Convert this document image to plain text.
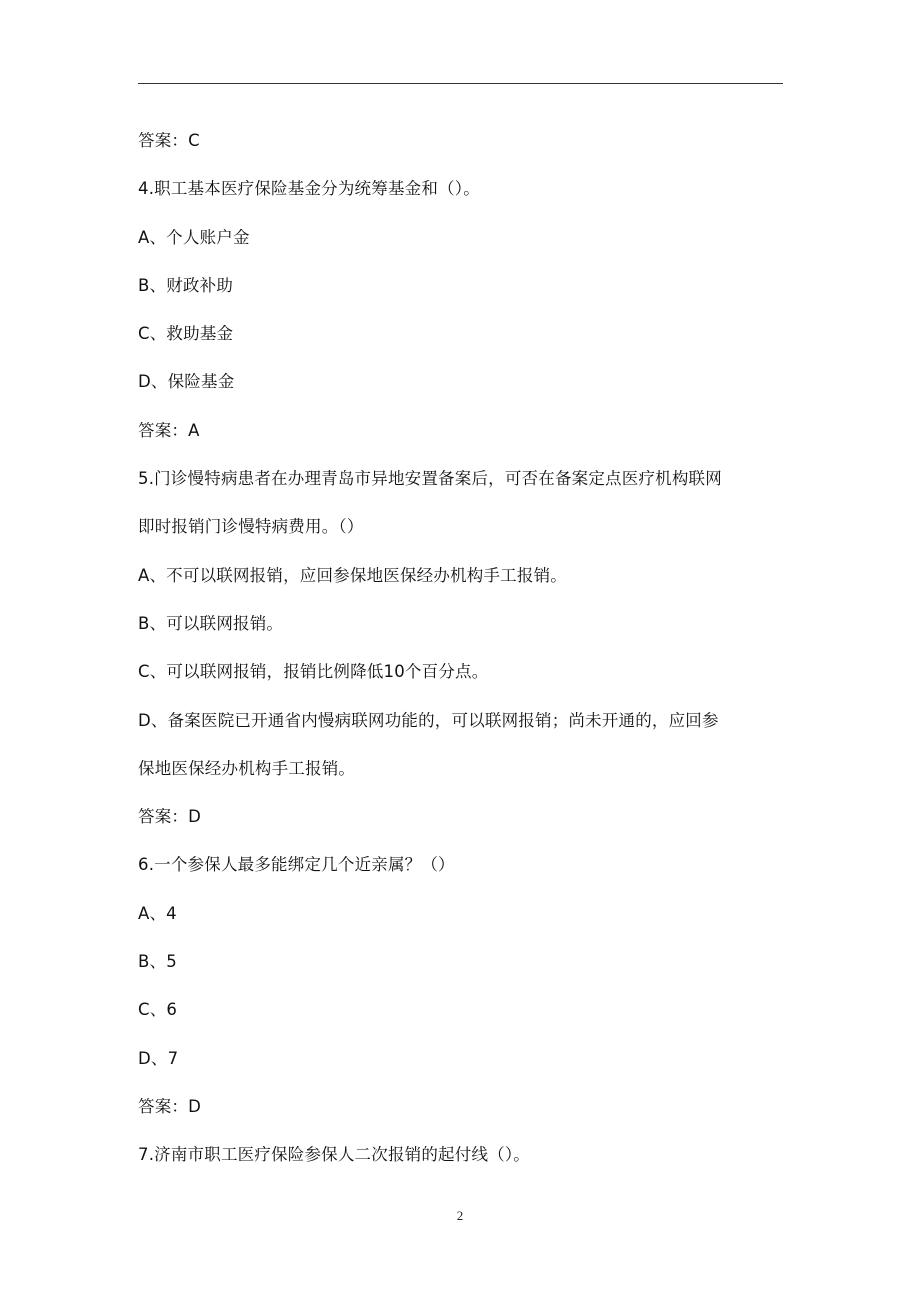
答案：C
4.职工基本医疗保险基金分为统筹基金和（）。
A、个人账户金
B、财政补助
C、救助基金
D、保险基金
答案：A
5.门诊慢特病患者在办理青岛市异地安置备案后，可否在备案定点医疗机构联网
即时报销门诊慢特病费用。（）
A、不可以联网报销，应回参保地医保经办机构手工报销。
B、可以联网报销。
C、可以联网报销，报销比例降低10个百分点。
D、备案医院已开通省内慢病联网功能的，可以联网报销；尚未开通的，应回参
保地医保经办机构手工报销。
答案：D
6.一个参保人最多能绑定几个近亲属？（）
A、4
B、5
C、6
D、7
答案：D
7.济南市职工医疗保险参保人二次报销的起付线（）。
2
